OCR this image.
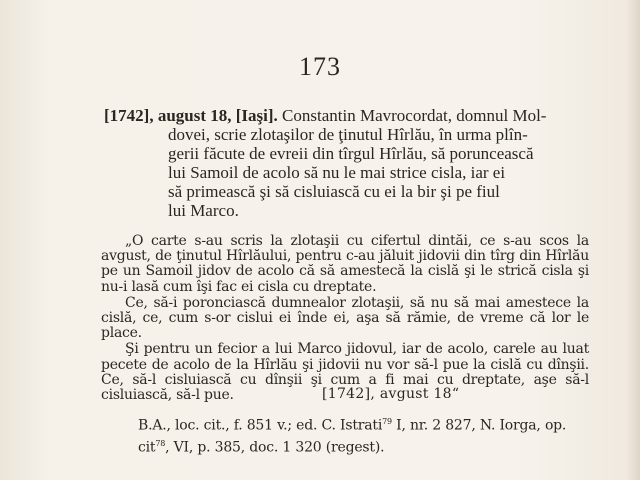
173
[1742], august 18, [Iaşi]. Constantin Mavrocordat, domnul Mol-
dovei, scrie zlotaşilor de ţinutul Hîrlău, în urma plîn-
gerii făcute de evreii din tîrgul Hîrlău, să poruncească
lui Samoil de acolo să nu le mai strice cisla, iar ei
să primească şi să cisluiască cu ei la bir şi pe fiul
lui Marco.

„O carte s-au scris la zlotaşii cu cifertul dintăi, ce s-au scos la avgust, de ţinutul Hîrlăului, pentru c-au jăluit jidovii din tîrg din Hîrlău pe un Samoil jidov de acolo că să amestecă la cislă şi le strică cisla şi nu-i lasă cum îşi fac ei cisla cu dreptate.

Ce, să-i poronciască dumnealor zlotaşii, să nu să mai amestece la cislă, ce, cum s-or cislui ei înde ei, aşa să rămie, de vreme că lor le place.

Şi pentru un fecior a lui Marco jidovul, iar de acolo, carele au luat pecete de acolo de la Hîrlău şi jidovii nu vor să-l pue la cislă cu dînşii. Ce, să-l cisluiască cu dînşii şi cum a fi mai cu dreptate, aşe să-l cisluiască, să-l pue.	[1742], avgust 18“
B.A., loc. cit., f. 851 v.; ed. C. Istrati$^{79}$ I, nr. 2 827, N. Iorga, op. cit$^{78}$, VI, p. 385, doc. 1 320 (regest).
